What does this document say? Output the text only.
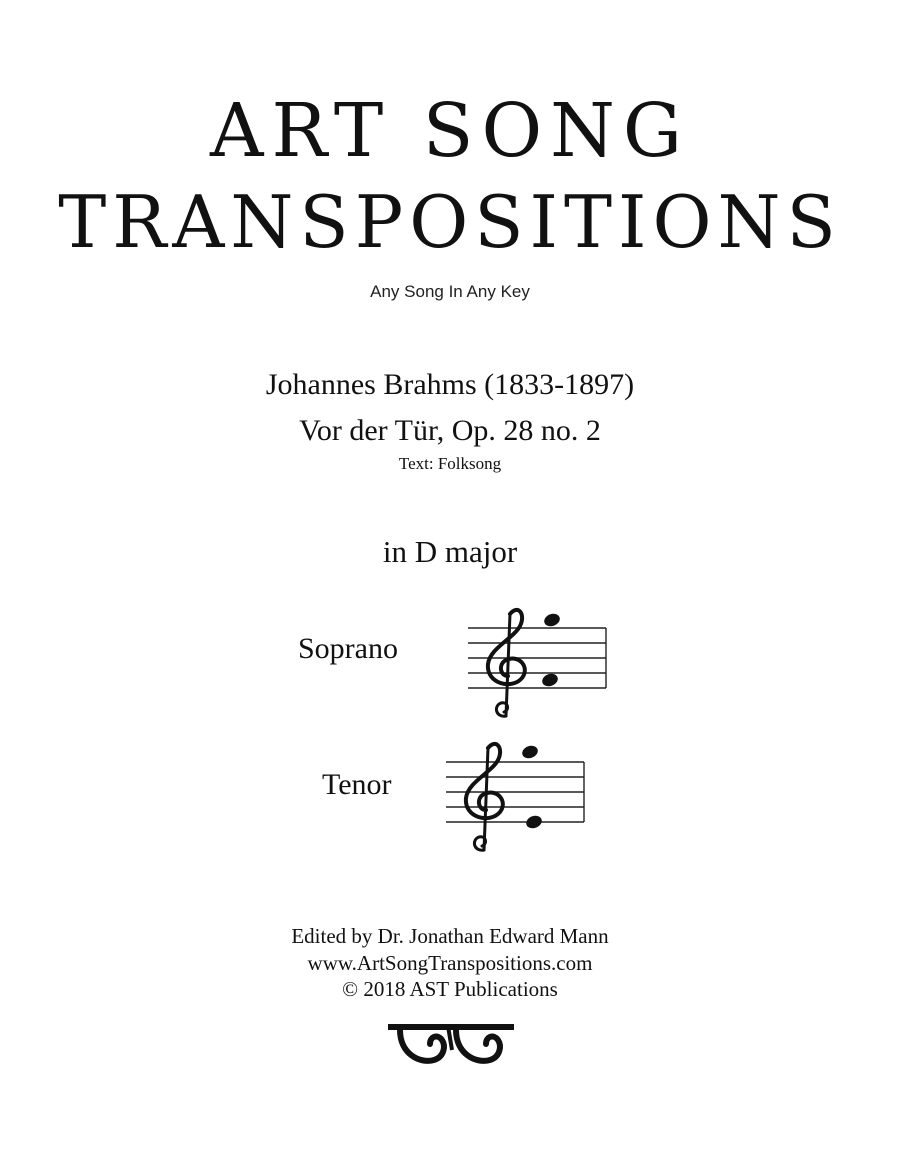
ART SONG
TRANSPOSITIONS
Any Song In Any Key
Johannes Brahms (1833-1897)
Vor der Tür, Op. 28 no. 2
Text: Folksong
in D major
Soprano
Tenor
Edited by Dr. Jonathan Edward Mann
www.ArtSongTranspositions.com
© 2018 AST Publications
